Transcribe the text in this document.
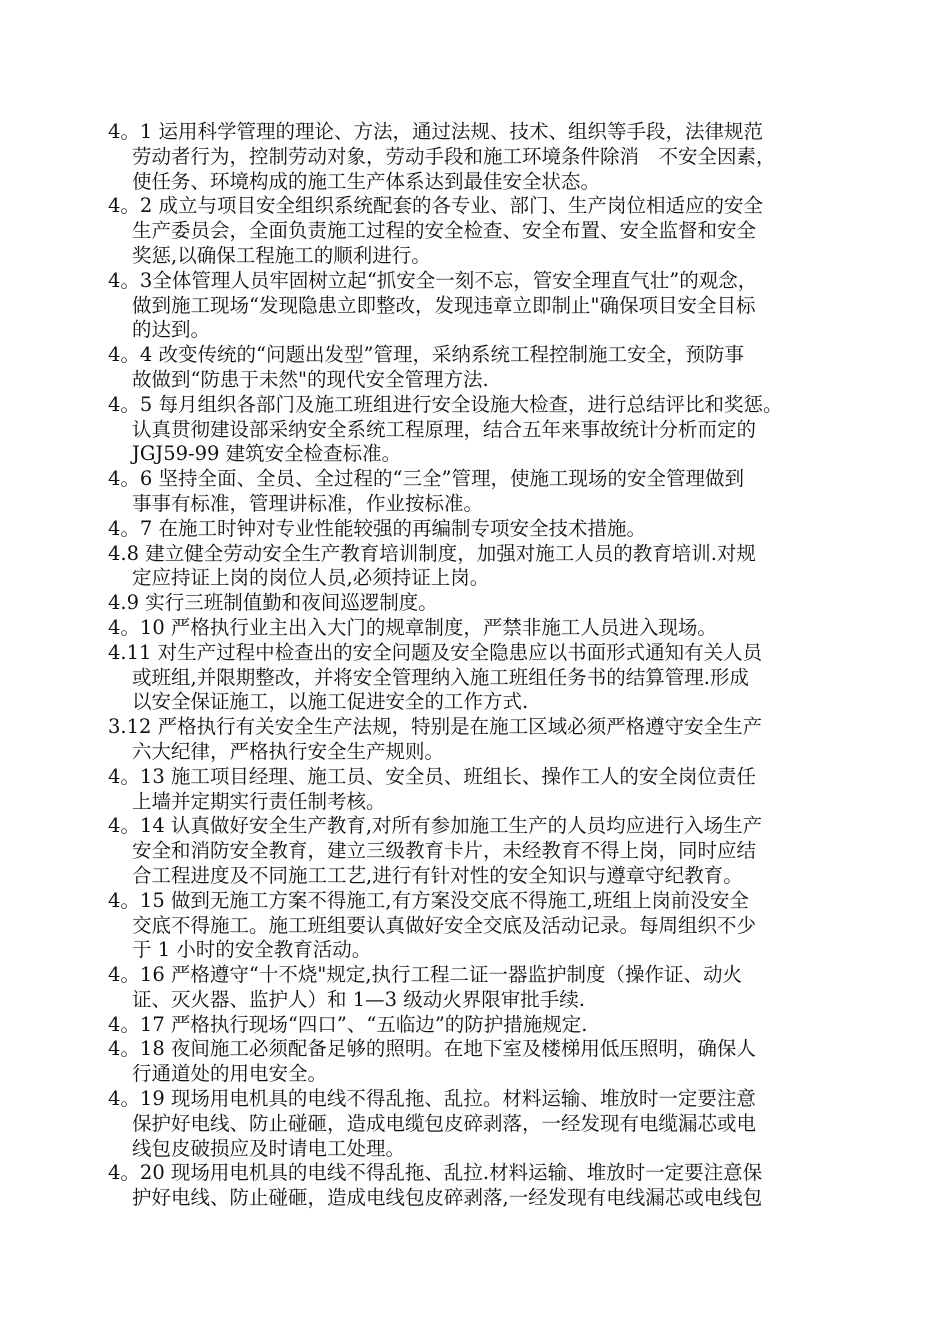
4。1 运用科学管理的理论、方法，通过法规、技术、组织等手段，法律规范
劳动者行为，控制劳动对象，劳动手段和施工环境条件除消　不安全因素，
使任务、环境构成的施工生产体系达到最佳安全状态。
4。2 成立与项目安全组织系统配套的各专业、部门、生产岗位相适应的安全
生产委员会，全面负责施工过程的安全检查、安全布置、安全监督和安全
奖惩,以确保工程施工的顺利进行。
4。3全体管理人员牢固树立起“抓安全一刻不忘，管安全理直气壮”的观念，
做到施工现场“发现隐患立即整改，发现违章立即制止"确保项目安全目标
的达到。
4。4 改变传统的“问题出发型”管理，采纳系统工程控制施工安全，预防事
故做到“防患于未然"的现代安全管理方法.
4。5 每月组织各部门及施工班组进行安全设施大检查，进行总结评比和奖惩。
认真贯彻建设部采纳安全系统工程原理，结合五年来事故统计分析而定的
JGJ59-99 建筑安全检查标准。
4。6 坚持全面、全员、全过程的“三全”管理，使施工现场的安全管理做到
事事有标准，管理讲标准，作业按标准。
4。7 在施工时钟对专业性能较强的再编制专项安全技术措施。
4.8 建立健全劳动安全生产教育培训制度，加强对施工人员的教育培训.对规
定应持证上岗的岗位人员,必须持证上岗。
4.9 实行三班制值勤和夜间巡逻制度。
4。10 严格执行业主出入大门的规章制度，严禁非施工人员进入现场。
4.11 对生产过程中检查出的安全问题及安全隐患应以书面形式通知有关人员
或班组,并限期整改，并将安全管理纳入施工班组任务书的结算管理.形成
以安全保证施工，以施工促进安全的工作方式.
3.12 严格执行有关安全生产法规，特别是在施工区域必须严格遵守安全生产
六大纪律，严格执行安全生产规则。
4。13 施工项目经理、施工员、安全员、班组长、操作工人的安全岗位责任
上墙并定期实行责任制考核。
4。14 认真做好安全生产教育,对所有参加施工生产的人员均应进行入场生产
安全和消防安全教育，建立三级教育卡片，未经教育不得上岗，同时应结
合工程进度及不同施工工艺,进行有针对性的安全知识与遵章守纪教育。
4。15 做到无施工方案不得施工,有方案没交底不得施工,班组上岗前没安全
交底不得施工。施工班组要认真做好安全交底及活动记录。每周组织不少
于 1 小时的安全教育活动。
4。16 严格遵守“十不烧"规定,执行工程二证一器监护制度（操作证、动火
证、灭火器、监护人）和 1—3 级动火界限审批手续.
4。17 严格执行现场“四口”、“五临边”的防护措施规定.
4。18 夜间施工必须配备足够的照明。在地下室及楼梯用低压照明，确保人
行通道处的用电安全。
4。19 现场用电机具的电线不得乱拖、乱拉。材料运输、堆放时一定要注意
保护好电线、防止碰砸，造成电缆包皮碎剥落，一经发现有电缆漏芯或电
线包皮破损应及时请电工处理。
4。20 现场用电机具的电线不得乱拖、乱拉.材料运输、堆放时一定要注意保
护好电线、防止碰砸，造成电线包皮碎剥落,一经发现有电线漏芯或电线包
